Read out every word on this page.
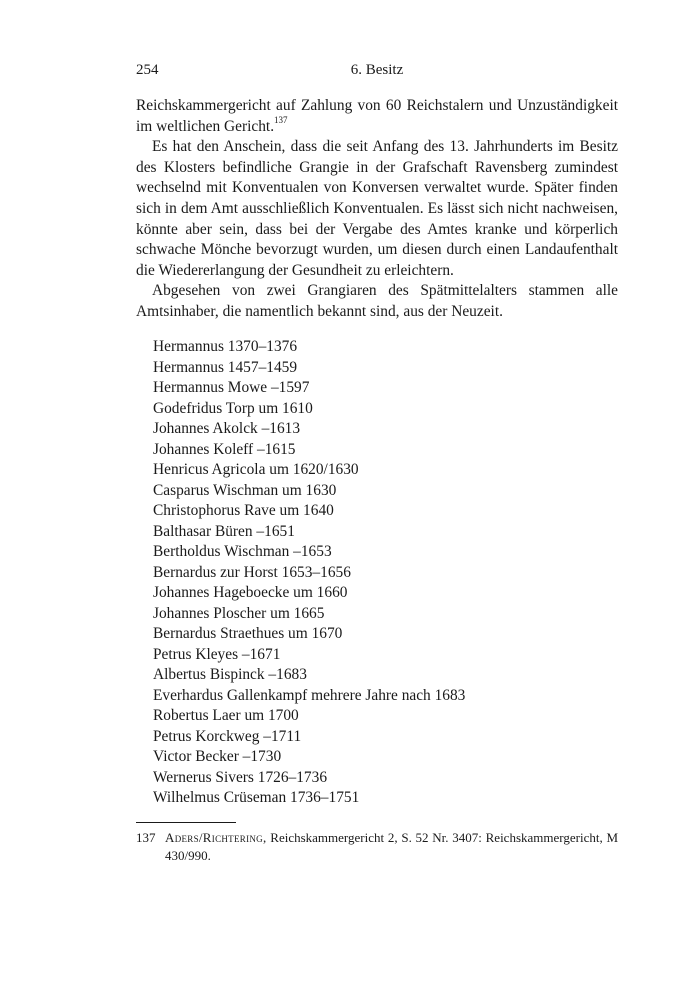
254	6. Besitz

Reichskammergericht auf Zahlung von 60 Reichstalern und Unzuständigkeit im weltlichen Gericht.$^{137}$

Es hat den Anschein, dass die seit Anfang des 13. Jahrhunderts im Besitz des Klosters befindliche Grangie in der Grafschaft Ravensberg zumindest wechselnd mit Konventualen von Konversen verwaltet wurde. Später finden sich in dem Amt ausschließlich Konventualen. Es lässt sich nicht nachweisen, könnte aber sein, dass bei der Vergabe des Amtes kranke und körperlich schwache Mönche bevorzugt wurden, um diesen durch einen Landaufenthalt die Wiedererlangung der Gesundheit zu erleichtern.

Abgesehen von zwei Grangiaren des Spätmittelalters stammen alle Amtsinhaber, die namentlich bekannt sind, aus der Neuzeit.

Hermannus 1370–1376
Hermannus 1457–1459
Hermannus Mowe –1597
Godefridus Torp um 1610
Johannes Akolck –1613
Johannes Koleff –1615
Henricus Agricola um 1620/1630
Casparus Wischman um 1630
Christophorus Rave um 1640
Balthasar Büren –1651
Bertholdus Wischman –1653
Bernardus zur Horst 1653–1656
Johannes Hageboecke um 1660
Johannes Ploscher um 1665
Bernardus Straethues um 1670
Petrus Kleyes –1671
Albertus Bispinck –1683
Everhardus Gallenkampf mehrere Jahre nach 1683
Robertus Laer um 1700
Petrus Korckweg –1711
Victor Becker –1730
Wernerus Sivers 1726–1736
Wilhelmus Crüseman 1736–1751
137 Aders/Richtering, Reichskammergericht 2, S. 52 Nr. 3407: Reichskammergericht, M 430/990.
